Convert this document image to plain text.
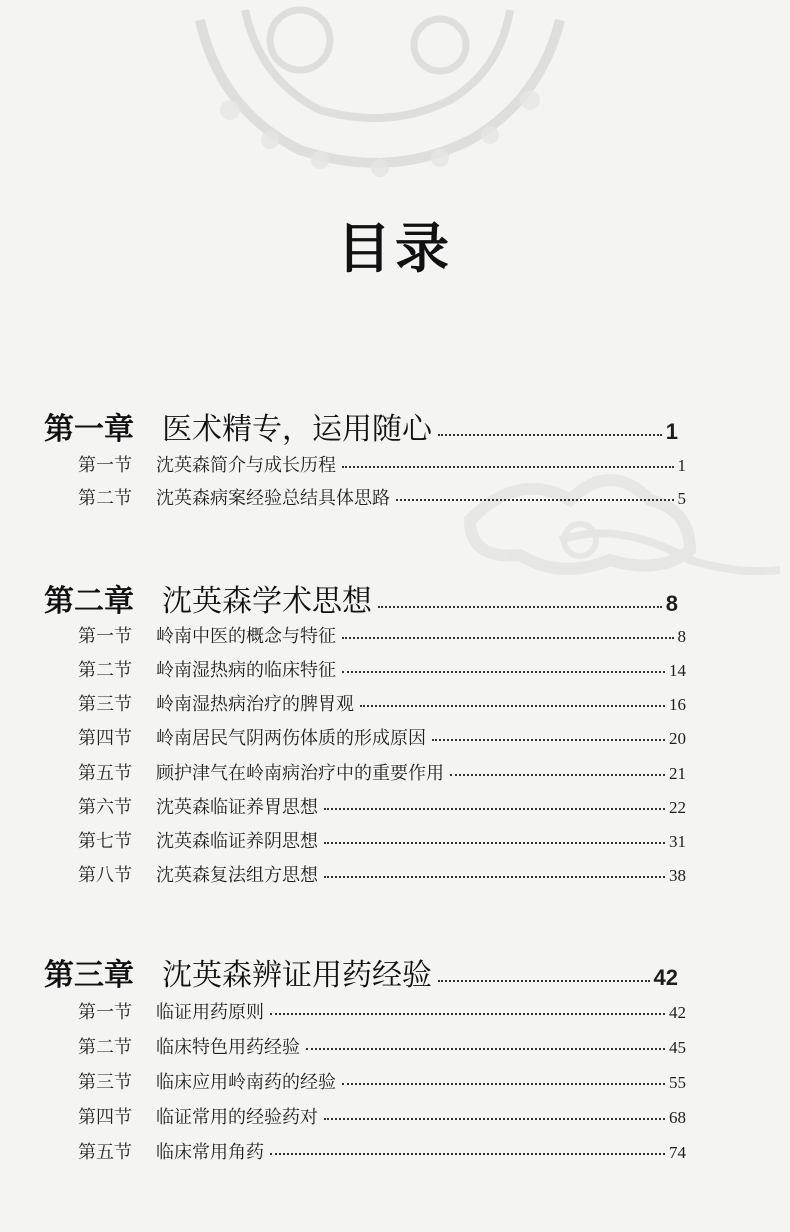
目录
第一章 医术精专，运用随心	1
第一节	沈英森简介与成长历程	1
第二节	沈英森病案经验总结具体思路	5
第二章 沈英森学术思想	8
第一节	岭南中医的概念与特征	8
第二节	岭南湿热病的临床特征	14
第三节	岭南湿热病治疗的脾胃观	16
第四节	岭南居民气阴两伤体质的形成原因	20
第五节	顾护津气在岭南病治疗中的重要作用	21
第六节	沈英森临证养胃思想	22
第七节	沈英森临证养阴思想	31
第八节	沈英森复法组方思想	38
第三章 沈英森辨证用药经验	42
第一节	临证用药原则	42
第二节	临床特色用药经验	45
第三节	临床应用岭南药的经验	55
第四节	临证常用的经验药对	68
第五节	临床常用角药	74
